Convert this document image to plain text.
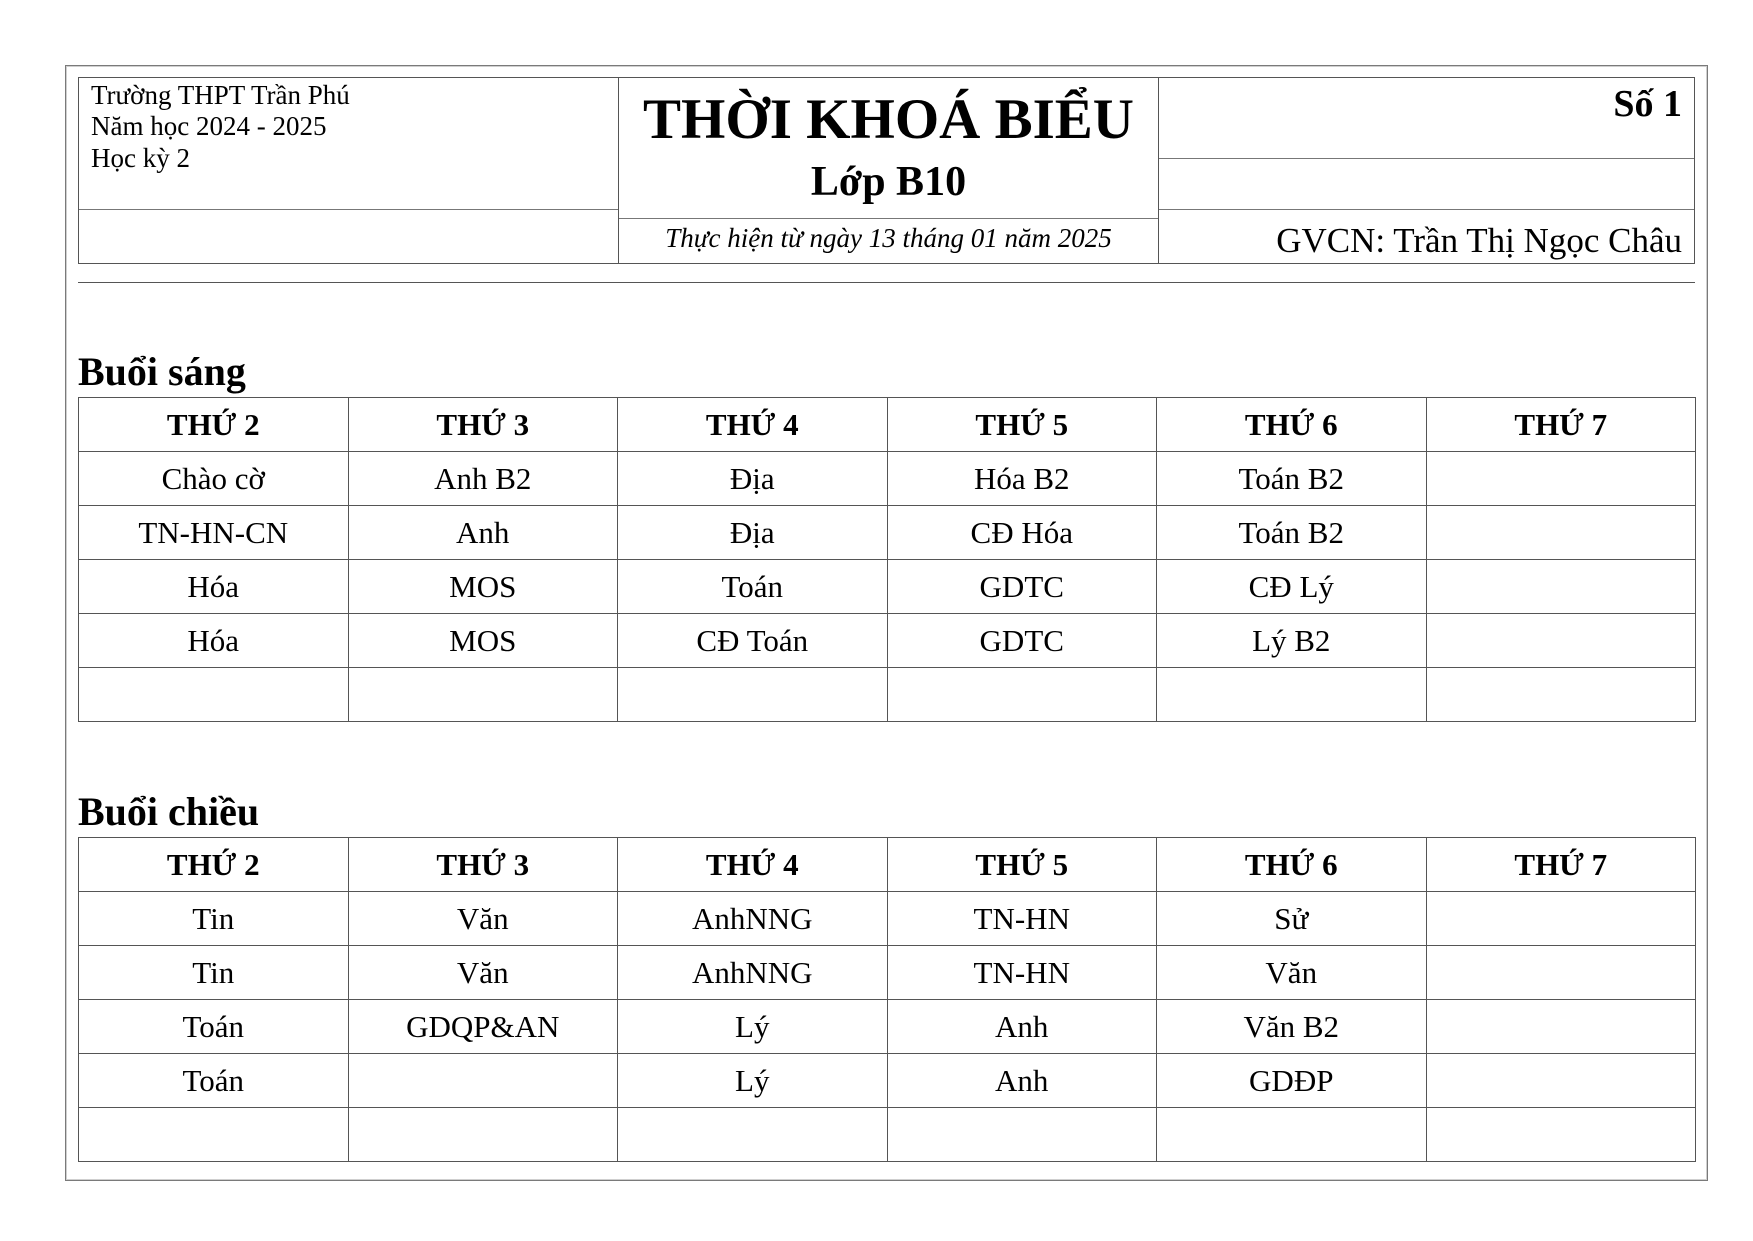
Trường THPT Trần Phú
Năm học 2024 - 2025
Học kỳ 2
THỜI KHOÁ BIỂU
Lớp B10
Thực hiện từ ngày 13 tháng 01 năm 2025
Số 1
GVCN: Trần Thị Ngọc Châu
Buổi sáng
THỨ 2	THỨ 3	THỨ 4	THỨ 5	THỨ 6	THỨ 7
Chào cờ	Anh B2	Địa	Hóa B2	Toán B2	
TN-HN-CN	Anh	Địa	CĐ Hóa	Toán B2	
Hóa	MOS	Toán	GDTC	CĐ Lý	
Hóa	MOS	CĐ Toán	GDTC	Lý B2	

Buổi chiều
THỨ 2	THỨ 3	THỨ 4	THỨ 5	THỨ 6	THỨ 7
Tin	Văn	AnhNNG	TN-HN	Sử	
Tin	Văn	AnhNNG	TN-HN	Văn	
Toán	GDQP&AN	Lý	Anh	Văn B2	
Toán		Lý	Anh	GDĐP	
